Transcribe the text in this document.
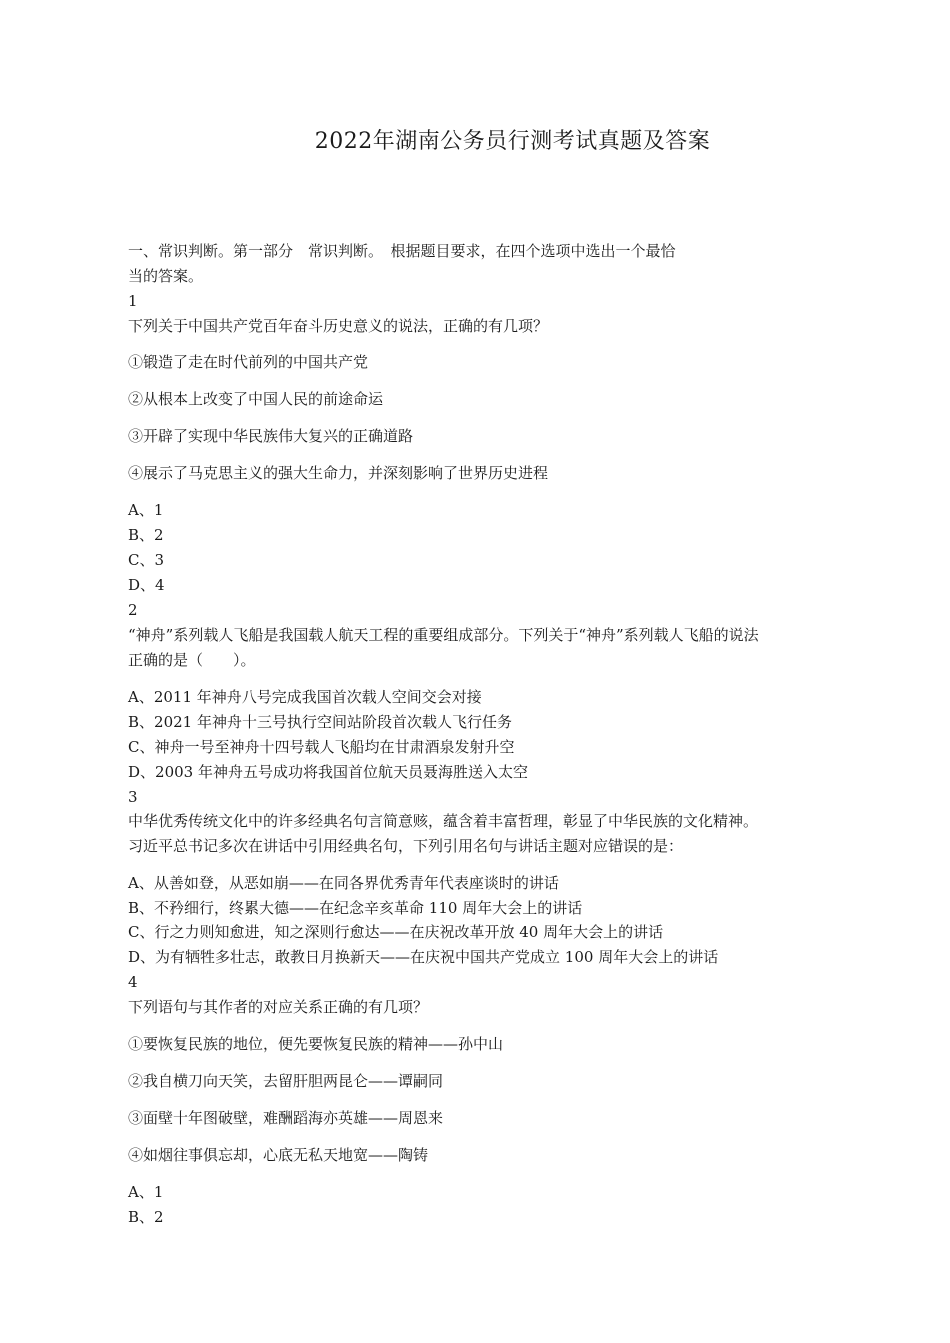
2022年湖南公务员行测考试真题及答案
一、常识判断。第一部分　常识判断。　根据题目要求，在四个选项中选出一个最恰
当的答案。
1
下列关于中国共产党百年奋斗历史意义的说法，正确的有几项？
①锻造了走在时代前列的中国共产党
②从根本上改变了中国人民的前途命运
③开辟了实现中华民族伟大复兴的正确道路
④展示了马克思主义的强大生命力，并深刻影响了世界历史进程
A、1
B、2
C、3
D、4
2
“神舟”系列载人飞船是我国载人航天工程的重要组成部分。下列关于“神舟”系列载人飞船的说法
正确的是（　　）。
A、2011 年神舟八号完成我国首次载人空间交会对接
B、2021 年神舟十三号执行空间站阶段首次载人飞行任务
C、神舟一号至神舟十四号载人飞船均在甘肃酒泉发射升空
D、2003 年神舟五号成功将我国首位航天员聂海胜送入太空
3
中华优秀传统文化中的许多经典名句言简意赅，蕴含着丰富哲理，彰显了中华民族的文化精神。
习近平总书记多次在讲话中引用经典名句，下列引用名句与讲话主题对应错误的是：
A、从善如登，从恶如崩——在同各界优秀青年代表座谈时的讲话
B、不矜细行，终累大德——在纪念辛亥革命 110 周年大会上的讲话
C、行之力则知愈进，知之深则行愈达——在庆祝改革开放 40 周年大会上的讲话
D、为有牺牲多壮志，敢教日月换新天——在庆祝中国共产党成立 100 周年大会上的讲话
4
下列语句与其作者的对应关系正确的有几项？
①要恢复民族的地位，便先要恢复民族的精神——孙中山
②我自横刀向天笑，去留肝胆两昆仑——谭嗣同
③面壁十年图破壁，难酬蹈海亦英雄——周恩来
④如烟往事俱忘却，心底无私天地宽——陶铸
A、1
B、2
